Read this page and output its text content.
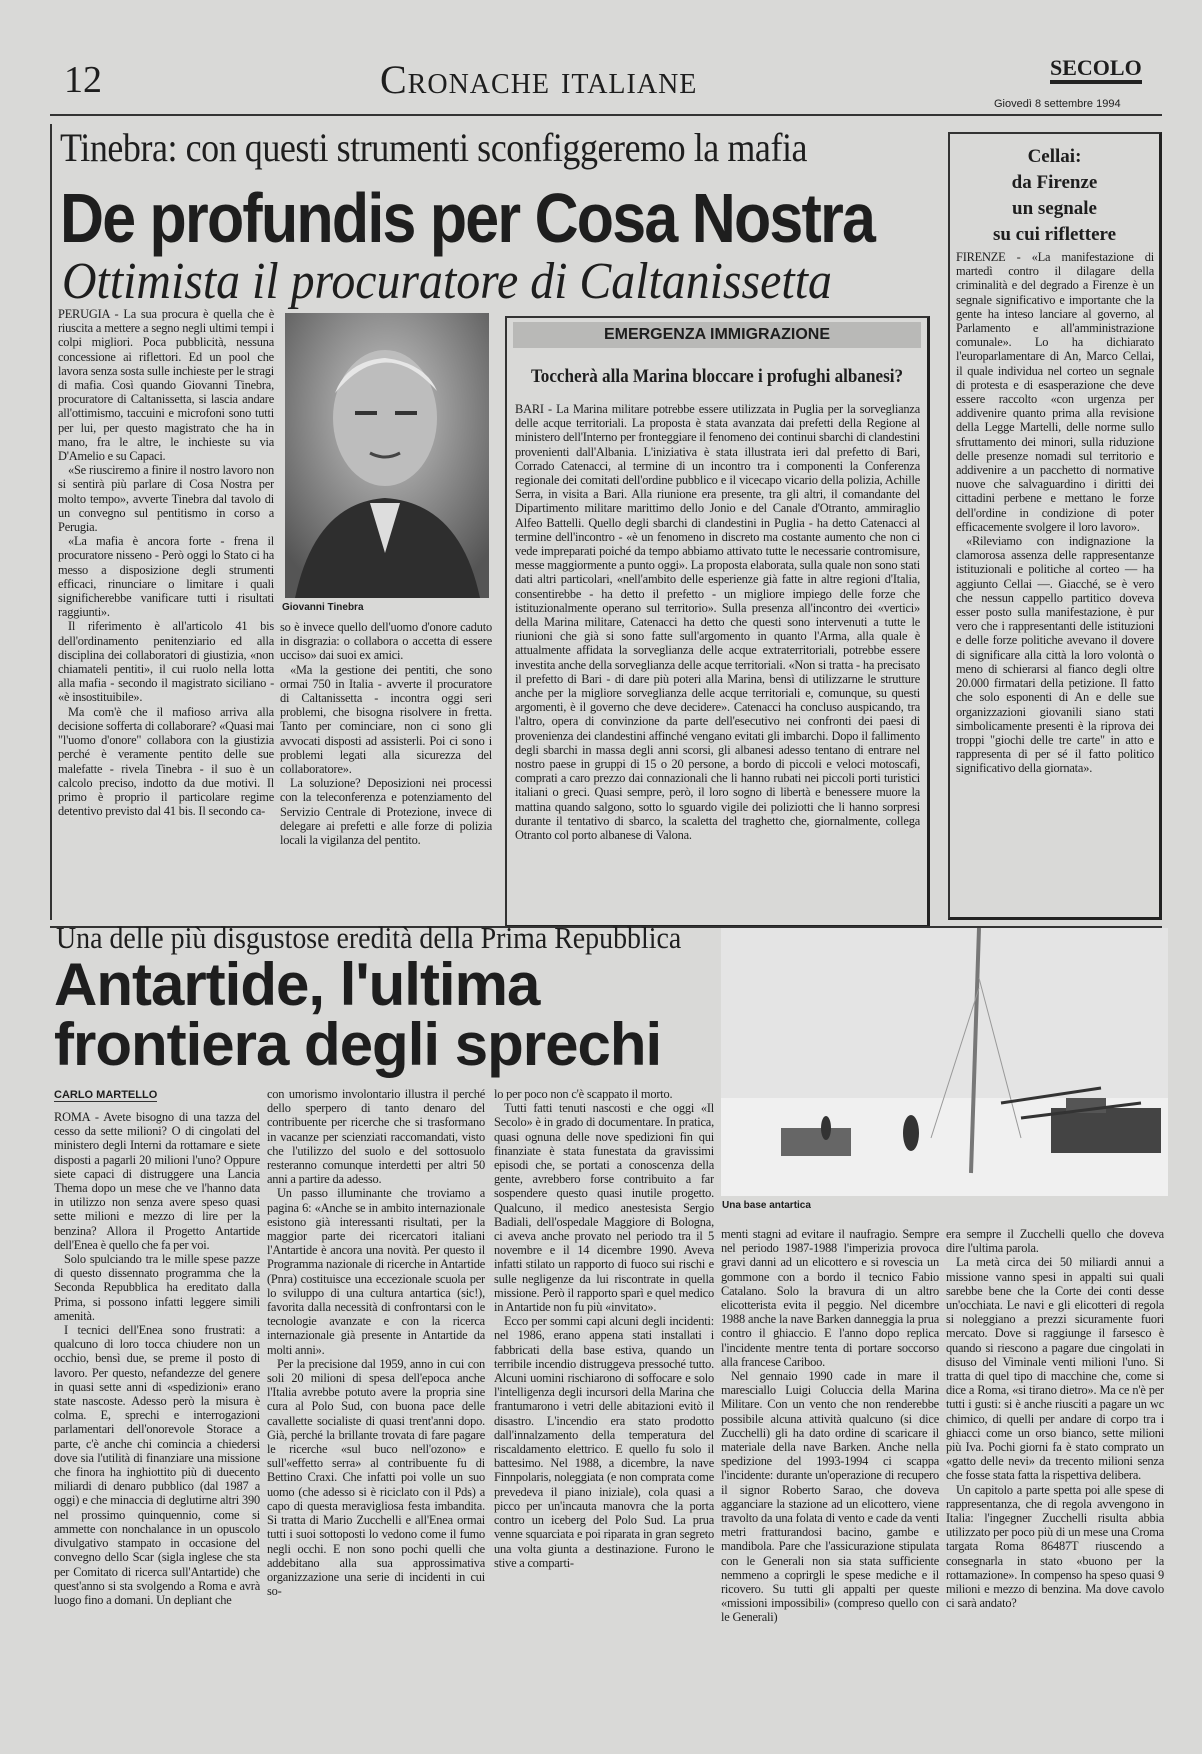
12	Cronache italiane	SECOLO
Giovedì 8 settembre 1994
Tinebra: con questi strumenti sconfiggeremo la mafia
De profundis per Cosa Nostra
Ottimista il procuratore di Caltanissetta

PERUGIA - La sua procura è quella che è riuscita a mettere a segno negli ultimi tempi i colpi migliori. Poca pubblicità, nessuna concessione ai riflettori. Ed un pool che lavora senza sosta sulle inchieste per le stragi di mafia. Così quando Giovanni Tinebra, procuratore di Caltanissetta, si lascia andare all'ottimismo, taccuini e microfoni sono tutti per lui, per questo magistrato che ha in mano, fra le altre, le inchieste su via D'Amelio e su Capaci.

«Se riusciremo a finire il nostro lavoro non si sentirà più parlare di Cosa Nostra per molto tempo», avverte Tinebra dal tavolo di un convegno sul pentitismo in corso a Perugia.

«La mafia è ancora forte - frena il procuratore nisseno - Però oggi lo Stato ci ha messo a disposizione degli strumenti efficaci, rinunciare o limitare i quali significherebbe vanificare tutti i risultati raggiunti».

Il riferimento è all'articolo 41 bis dell'ordinamento penitenziario ed alla disciplina dei collaboratori di giustizia, «non chiamateli pentiti», il cui ruolo nella lotta alla mafia - secondo il magistrato siciliano - «è insostituibile».

Ma com'è che il mafioso arriva alla decisione sofferta di collaborare? «Quasi mai "l'uomo d'onore" collabora con la giustizia perché è veramente pentito delle sue malefatte - rivela Tinebra - il suo è un calcolo preciso, indotto da due motivi. Il primo è proprio il particolare regime detentivo previsto dal 41 bis. Il secondo ca-

Giovanni Tinebra

so è invece quello dell'uomo d'onore caduto in disgrazia: o collabora o accetta di essere ucciso» dai suoi ex amici.

«Ma la gestione dei pentiti, che sono ormai 750 in Italia - avverte il procuratore di Caltanissetta - incontra oggi seri problemi, che bisogna risolvere in fretta. Tanto per cominciare, non ci sono gli avvocati disposti ad assisterli. Poi ci sono i problemi legati alla sicurezza del collaboratore».

La soluzione? Deposizioni nei processi con la teleconferenza e potenziamento del Servizio Centrale di Protezione, invece di delegare ai prefetti e alle forze di polizia locali la vigilanza del pentito.

EMERGENZA IMMIGRAZIONE
Toccherà alla Marina bloccare i profughi albanesi?

BARI - La Marina militare potrebbe essere utilizzata in Puglia per la sorveglianza delle acque territoriali. La proposta è stata avanzata dai prefetti della Regione al ministero dell'Interno per fronteggiare il fenomeno dei continui sbarchi di clandestini provenienti dall'Albania. L'iniziativa è stata illustrata ieri dal prefetto di Bari, Corrado Catenacci, al termine di un incontro tra i componenti la Conferenza regionale dei comitati dell'ordine pubblico e il vicecapo vicario della polizia, Achille Serra, in visita a Bari. Alla riunione era presente, tra gli altri, il comandante del Dipartimento militare marittimo dello Jonio e del Canale d'Otranto, ammiraglio Alfeo Battelli. Quello degli sbarchi di clandestini in Puglia - ha detto Catenacci al termine dell'incontro - «è un fenomeno in discreto ma costante aumento che non ci vede impreparati poiché da tempo abbiamo attivato tutte le necessarie contromisure, messe maggiormente a punto oggi». La proposta elaborata, sulla quale non sono stati dati altri particolari, «nell'ambito delle esperienze già fatte in altre regioni d'Italia, consentirebbe - ha detto il prefetto - un migliore impiego delle forze che istituzionalmente operano sul territorio». Sulla presenza all'incontro dei «vertici» della Marina militare, Catenacci ha detto che questi sono intervenuti a tutte le riunioni che già si sono fatte sull'argomento in quanto l'Arma, alla quale è attualmente affidata la sorveglianza delle acque extraterritoriali, potrebbe essere investita anche della sorveglianza delle acque territoriali. «Non si tratta - ha precisato il prefetto di Bari - di dare più poteri alla Marina, bensì di utilizzarne le strutture anche per la migliore sorveglianza delle acque territoriali e, comunque, su questi argomenti, è il governo che deve decidere». Catenacci ha concluso auspicando, tra l'altro, opera di convinzione da parte dell'esecutivo nei confronti dei paesi di provenienza dei clandestini affinché vengano evitati gli imbarchi. Dopo il fallimento degli sbarchi in massa degli anni scorsi, gli albanesi adesso tentano di entrare nel nostro paese in gruppi di 15 o 20 persone, a bordo di piccoli e veloci motoscafi, comprati a caro prezzo dai connazionali che li hanno rubati nei piccoli porti turistici italiani o greci. Quasi sempre, però, il loro sogno di libertà e benessere muore la mattina quando salgono, sotto lo sguardo vigile dei poliziotti che li hanno sorpresi durante il tentativo di sbarco, la scaletta del traghetto che, giornalmente, collega Otranto col porto albanese di Valona.

Cellai:
da Firenze
un segnale
su cui riflettere

FIRENZE - «La manifestazione di martedì contro il dilagare della criminalità e del degrado a Firenze è un segnale significativo e importante che la gente ha inteso lanciare al governo, al Parlamento e all'amministrazione comunale». Lo ha dichiarato l'europarlamentare di An, Marco Cellai, il quale individua nel corteo un segnale di protesta e di esasperazione che deve essere raccolto «con urgenza per addivenire quanto prima alla revisione della Legge Martelli, delle norme sullo sfruttamento dei minori, sulla riduzione delle presenze nomadi sul territorio e addivenire a un pacchetto di normative nuove che salvaguardino i diritti dei cittadini perbene e mettano le forze dell'ordine in condizione di poter efficacemente svolgere il loro lavoro».

«Rileviamo con indignazione la clamorosa assenza delle rappresentanze istituzionali e politiche al corteo — ha aggiunto Cellai —. Giacché, se è vero che nessun cappello partitico doveva esser posto sulla manifestazione, è pur vero che i rappresentanti delle istituzioni e delle forze politiche avevano il dovere di significare alla città la loro volontà o meno di schierarsi al fianco degli oltre 20.000 firmatari della petizione. Il fatto che solo esponenti di An e delle sue organizzazioni giovanili siano stati simbolicamente presenti è la riprova dei troppi "giochi delle tre carte" in atto e rappresenta di per sé il fatto politico significativo della giornata».

Una delle più disgustose eredità della Prima Repubblica
Antartide, l'ultima
frontiera degli sprechi
Una base antartica
CARLO MARTELLO

ROMA - Avete bisogno di una tazza del cesso da sette milioni? O di cingolati del ministero degli Interni da rottamare e siete disposti a pagarli 20 milioni l'uno? Oppure siete capaci di distruggere una Lancia Thema dopo un mese che ve l'hanno data in utilizzo non senza avere speso quasi sette milioni e mezzo di lire per la benzina? Allora il Progetto Antartide dell'Enea è quello che fa per voi.

Solo spulciando tra le mille spese pazze di questo dissennato programma che la Seconda Repubblica ha ereditato dalla Prima, si possono infatti leggere simili amenità.

I tecnici dell'Enea sono frustrati: a qualcuno di loro tocca chiudere non un occhio, bensì due, se preme il posto di lavoro. Per questo, nefandezze del genere in quasi sette anni di «spedizioni» erano state nascoste. Adesso però la misura è colma. E, sprechi e interrogazioni parlamentari dell'onorevole Storace a parte, c'è anche chi comincia a chiedersi dove sia l'utilità di finanziare una missione che finora ha inghiottito più di duecento miliardi di denaro pubblico (dal 1987 a oggi) e che minaccia di deglutirne altri 390 nel prossimo quinquennio, come si ammette con nonchalance in un opuscolo divulgativo stampato in occasione del convegno dello Scar (sigla inglese che sta per Comitato di ricerca sull'Antartide) che quest'anno si sta svolgendo a Roma e avrà luogo fino a domani. Un depliant che

con umorismo involontario illustra il perché dello sperpero di tanto denaro del contribuente per ricerche che si trasformano in vacanze per scienziati raccomandati, visto che l'utilizzo del suolo e del sottosuolo resteranno comunque interdetti per altri 50 anni a partire da adesso.

Un passo illuminante che troviamo a pagina 6: «Anche se in ambito internazionale esistono già interessanti risultati, per la maggior parte dei ricercatori italiani l'Antartide è ancora una novità. Per questo il Programma nazionale di ricerche in Antartide (Pnra) costituisce una eccezionale scuola per lo sviluppo di una cultura antartica (sic!), favorita dalla necessità di confrontarsi con le tecnologie avanzate e con la ricerca internazionale già presente in Antartide da molti anni».

Per la precisione dal 1959, anno in cui con soli 20 milioni di spesa dell'epoca anche l'Italia avrebbe potuto avere la propria sine cura al Polo Sud, con buona pace delle cavallette socialiste di quasi trent'anni dopo. Già, perché la brillante trovata di fare pagare le ricerche «sul buco nell'ozono» e sull'«effetto serra» al contribuente fu di Bettino Craxi. Che infatti poi volle un suo uomo (che adesso si è riciclato con il Pds) a capo di questa meravigliosa festa imbandita. Si tratta di Mario Zucchelli e all'Enea ormai tutti i suoi sottoposti lo vedono come il fumo negli occhi. E non sono pochi quelli che addebitano alla sua approssimativa organizzazione una serie di incidenti in cui so-

lo per poco non c'è scappato il morto.

Tutti fatti tenuti nascosti e che oggi «Il Secolo» è in grado di documentare. In pratica, quasi ognuna delle nove spedizioni fin qui finanziate è stata funestata da gravissimi episodi che, se portati a conoscenza della gente, avrebbero forse contribuito a far sospendere questo quasi inutile progetto. Qualcuno, il medico anestesista Sergio Badiali, dell'ospedale Maggiore di Bologna, ci aveva anche provato nel periodo tra il 5 novembre e il 14 dicembre 1990. Aveva infatti stilato un rapporto di fuoco sui rischi e sulle negligenze da lui riscontrate in quella missione. Però il rapporto sparì e quel medico in Antartide non fu più «invitato».

Ecco per sommi capi alcuni degli incidenti: nel 1986, erano appena stati installati i fabbricati della base estiva, quando un terribile incendio distruggeva pressoché tutto. Alcuni uomini rischiarono di soffocare e solo l'intelligenza degli incursori della Marina che frantumarono i vetri delle abitazioni evitò il disastro. L'incendio era stato prodotto dall'innalzamento della temperatura del riscaldamento elettrico. E quello fu solo il battesimo. Nel 1988, a dicembre, la nave Finnpolaris, noleggiata (e non comprata come prevedeva il piano iniziale), cola quasi a picco per un'incauta manovra che la porta contro un iceberg del Polo Sud. La prua venne squarciata e poi riparata in gran segreto una volta giunta a destinazione. Furono le stive a comparti-

menti stagni ad evitare il naufragio. Sempre nel periodo 1987-1988 l'imperizia provoca gravi danni ad un elicottero e si rovescia un gommone con a bordo il tecnico Fabio Catalano. Solo la bravura di un altro elicotterista evita il peggio. Nel dicembre 1988 anche la nave Barken danneggia la prua contro il ghiaccio. E l'anno dopo replica l'incidente mentre tenta di portare soccorso alla francese Cariboo.

Nel gennaio 1990 cade in mare il maresciallo Luigi Coluccia della Marina Militare. Con un vento che non renderebbe possibile alcuna attività qualcuno (si dice Zucchelli) gli ha dato ordine di scaricare il materiale della nave Barken. Anche nella spedizione del 1993-1994 ci scappa l'incidente: durante un'operazione di recupero il signor Roberto Sarao, che doveva agganciare la stazione ad un elicottero, viene travolto da una folata di vento e cade da venti metri fratturandosi bacino, gambe e mandibola. Pare che l'assicurazione stipulata con le Generali non sia stata sufficiente nemmeno a coprirgli le spese mediche e il ricovero. Su tutti gli appalti per queste «missioni impossibili» (compreso quello con le Generali)

era sempre il Zucchelli quello che doveva dire l'ultima parola.

La metà circa dei 50 miliardi annui a missione vanno spesi in appalti sui quali sarebbe bene che la Corte dei conti desse un'occhiata. Le navi e gli elicotteri di regola si noleggiano a prezzi sicuramente fuori mercato. Dove si raggiunge il farsesco è quando si riescono a pagare due cingolati in disuso del Viminale venti milioni l'uno. Si tratta di quel tipo di macchine che, come si dice a Roma, «si tirano dietro». Ma ce n'è per tutti i gusti: si è anche riusciti a pagare un wc chimico, di quelli per andare di corpo tra i ghiacci come un orso bianco, sette milioni più Iva. Pochi giorni fa è stato comprato un «gatto delle nevi» da trecento milioni senza che fosse stata fatta la rispettiva delibera.

Un capitolo a parte spetta poi alle spese di rappresentanza, che di regola avvengono in Italia: l'ingegner Zucchelli risulta abbia utilizzato per poco più di un mese una Croma targata Roma 86487T riuscendo a consegnarla in stato «buono per la rottamazione». In compenso ha speso quasi 9 milioni e mezzo di benzina. Ma dove cavolo ci sarà andato?
